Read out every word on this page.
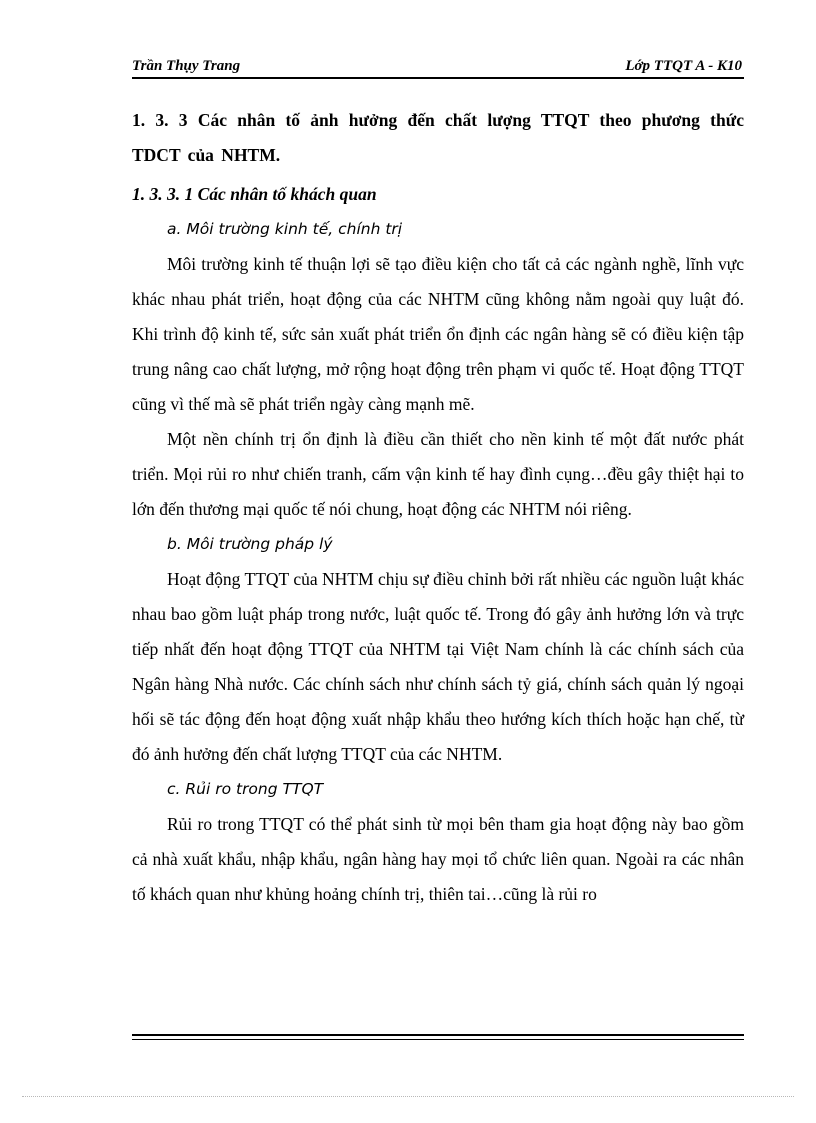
Trần Thụy Trang	Lớp TTQT A - K10

1. 3. 3 Các nhân tố ảnh hưởng đến chất lượng TTQT theo phương thức TDCT của NHTM.

1. 3. 3. 1 Các nhân tố khách quan

a. Môi trường kinh tế, chính trị

Môi trường kinh tế thuận lợi sẽ tạo điều kiện cho tất cả các ngành nghề, lĩnh vực khác nhau phát triển, hoạt động của các NHTM cũng không nằm ngoài quy luật đó. Khi trình độ kinh tế, sức sản xuất phát triển ổn định các ngân hàng sẽ có điều kiện tập trung nâng cao chất lượng, mở rộng hoạt động trên phạm vi quốc tế. Hoạt động TTQT cũng vì thế mà sẽ phát triển ngày càng mạnh mẽ.

Một nền chính trị ổn định là điều cần thiết cho nền kinh tế một đất nước phát triển. Mọi rủi ro như chiến tranh, cấm vận kinh tế hay đình cụng…đều gây thiệt hại to lớn đến thương mại quốc tế nói chung, hoạt động các NHTM nói riêng.

b. Môi trường pháp lý

Hoạt động TTQT của NHTM chịu sự điều chỉnh bởi rất nhiều các nguồn luật khác nhau bao gồm luật pháp trong nước, luật quốc tế. Trong đó gây ảnh hưởng lớn và trực tiếp nhất đến hoạt động TTQT của NHTM tại Việt Nam chính là các chính sách của Ngân hàng Nhà nước. Các chính sách như chính sách tỷ giá, chính sách quản lý ngoại hối sẽ tác động đến hoạt động xuất nhập khẩu theo hướng kích thích hoặc hạn chế, từ đó ảnh hưởng đến chất lượng TTQT của các NHTM.

c. Rủi ro trong TTQT

Rủi ro trong TTQT có thể phát sinh từ mọi bên tham gia hoạt động này bao gồm cả nhà xuất khẩu, nhập khẩu, ngân hàng hay mọi tổ chức liên quan. Ngoài ra các nhân tố khách quan như khủng hoảng chính trị, thiên tai…cũng là rủi ro
